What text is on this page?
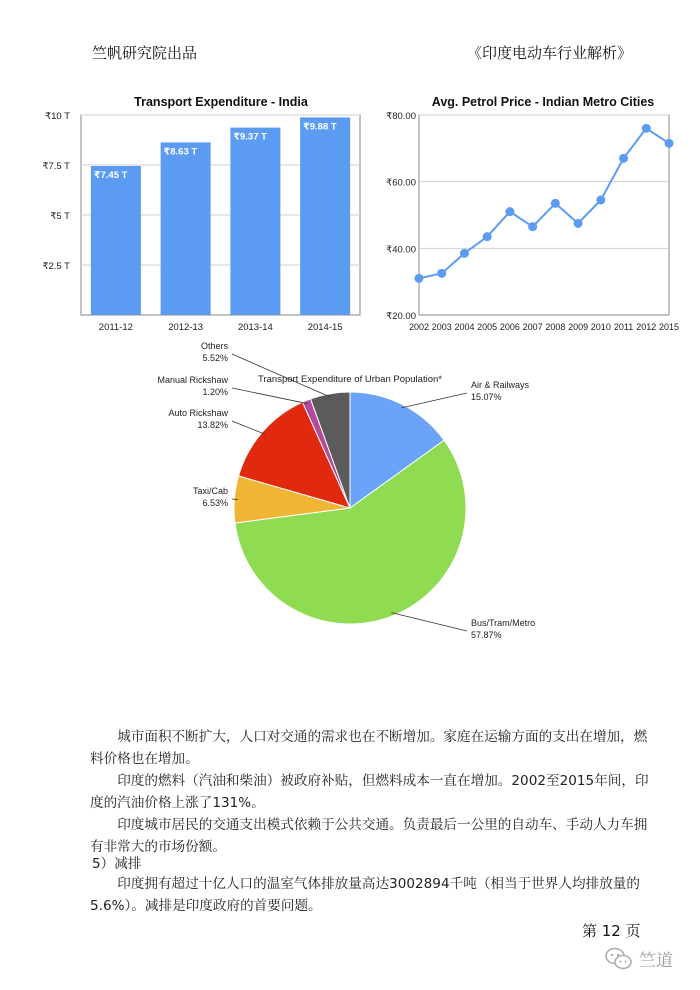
竺帆研究院出品	《印度电动车行业解析》
Transport Expenditure - India
₹7.45 T
₹8.63 T
₹9.37 T
₹9.88 T
₹2.5 T
₹5 T
₹7.5 T
₹10 T
2011-12	2012-13	2013-14	2014-15
Avg. Petrol Price - Indian Metro Cities
₹20.00
₹40.00
₹60.00
₹80.00
2002 2003 2004 2005 2006 2007 2008 2009 2010 2011 2012 2015
Transport Expenditure of Urban Population*	Air & Railways
15.07%
Bus/Tram/Metro
57.87%
Taxi/Cab
6.53%
Auto Rickshaw
13.82%
Manual Rickshaw
1.20%
Others
5.52%

城市面积不断扩大，人口对交通的需求也在不断增加。家庭在运输方面的支出在增加，燃料价格也在增加。

印度的燃料（汽油和柴油）被政府补贴，但燃料成本一直在增加。2002至2015年间，印度的汽油价格上涨了131%。

印度城市居民的交通支出模式依赖于公共交通。负责最后一公里的自动车、手动人力车拥有非常大的市场份额。

5）减排

印度拥有超过十亿人口的温室气体排放量高达3002894千吨（相当于世界人均排放量的5.6%）。减排是印度政府的首要问题。

第 12 页
竺道
